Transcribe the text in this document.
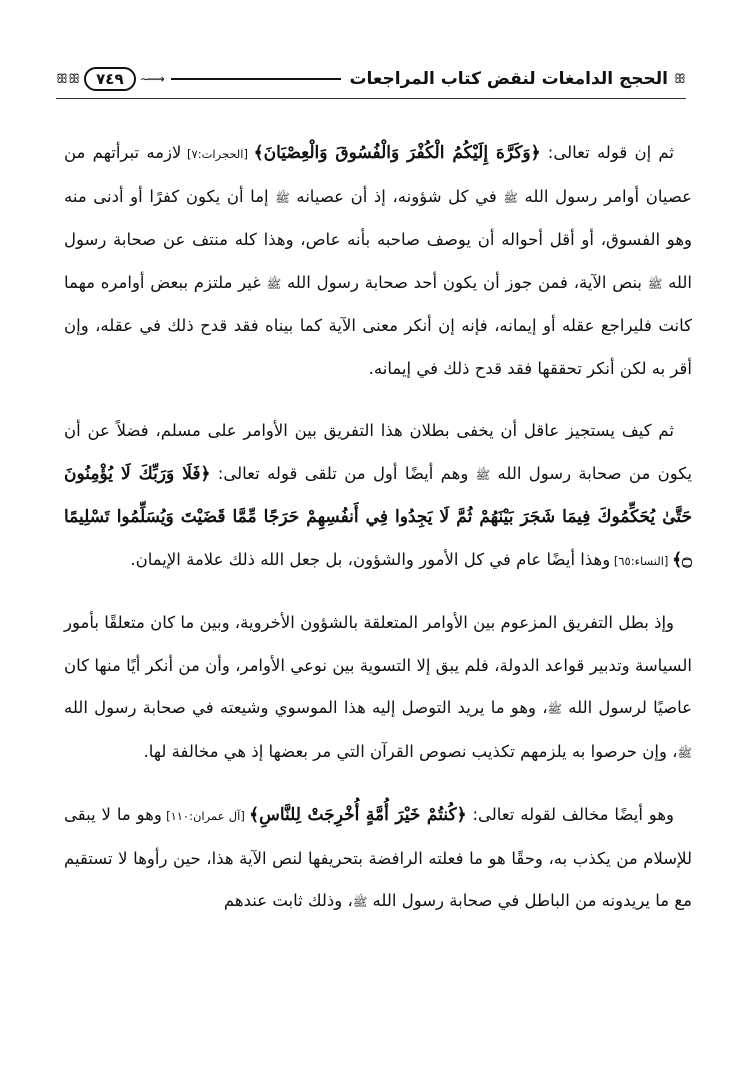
ꕥ
الحجج الدامغات لنقض كتاب المراجعات
⟿∽
٧٤٩
ꕥꕥ

ثم إن قوله تعالى: ﴿وَكَرَّهَ إِلَيْكُمُ الْكُفْرَ وَالْفُسُوقَ وَالْعِصْيَانَ﴾ [الحجرات:٧] لازمه تبرأتهم من عصيان أوامر رسول الله ﷺ في كل شؤونه، إذ أن عصيانه ﷺ إما أن يكون كفرًا أو أدنى منه وهو الفسوق، أو أقل أحواله أن يوصف صاحبه بأنه عاص، وهذا كله منتف عن صحابة رسول الله ﷺ بنص الآية، فمن جوز أن يكون أحد صحابة رسول الله ﷺ غير ملتزم ببعض أوامره مهما كانت فليراجع عقله أو إيمانه، فإنه إن أنكر معنى الآية كما بيناه فقد قدح ذلك في عقله، وإن أقر به لكن أنكر تحققها فقد قدح ذلك في إيمانه.

ثم كيف يستجيز عاقل أن يخفى بطلان هذا التفريق بين الأوامر على مسلم، فضلاً عن أن يكون من صحابة رسول الله ﷺ وهم أيضًا أول من تلقى قوله تعالى: ﴿فَلَا وَرَبِّكَ لَا يُؤْمِنُونَ حَتَّىٰ يُحَكِّمُوكَ فِيمَا شَجَرَ بَيْنَهُمْ ثُمَّ لَا يَجِدُوا فِي أَنفُسِهِمْ حَرَجًا مِّمَّا قَضَيْتَ وَيُسَلِّمُوا تَسْلِيمًا ۝﴾ [النساء:٦٥] وهذا أيضًا عام في كل الأمور والشؤون، بل جعل الله ذلك علامة الإيمان.

وإذ بطل التفريق المزعوم بين الأوامر المتعلقة بالشؤون الأخروية، وبين ما كان متعلقًا بأمور السياسة وتدبير قواعد الدولة، فلم يبق إلا التسوية بين نوعي الأوامر، وأن من أنكر أيًا منها كان عاصيًا لرسول الله ﷺ، وهو ما يريد التوصل إليه هذا الموسوي وشيعته في صحابة رسول الله ﷺ، وإن حرصوا به يلزمهم تكذيب نصوص القرآن التي مر بعضها إذ هي مخالفة لها.

وهو أيضًا مخالف لقوله تعالى: ﴿كُنتُمْ خَيْرَ أُمَّةٍ أُخْرِجَتْ لِلنَّاسِ﴾ [آل عمران:١١٠] وهو ما لا يبقى للإسلام من يكذب به، وحقًا هو ما فعلته الرافضة بتحريفها لنص الآية هذا، حين رأوها لا تستقيم مع ما يريدونه من الباطل في صحابة رسول الله ﷺ، وذلك ثابت عندهم
